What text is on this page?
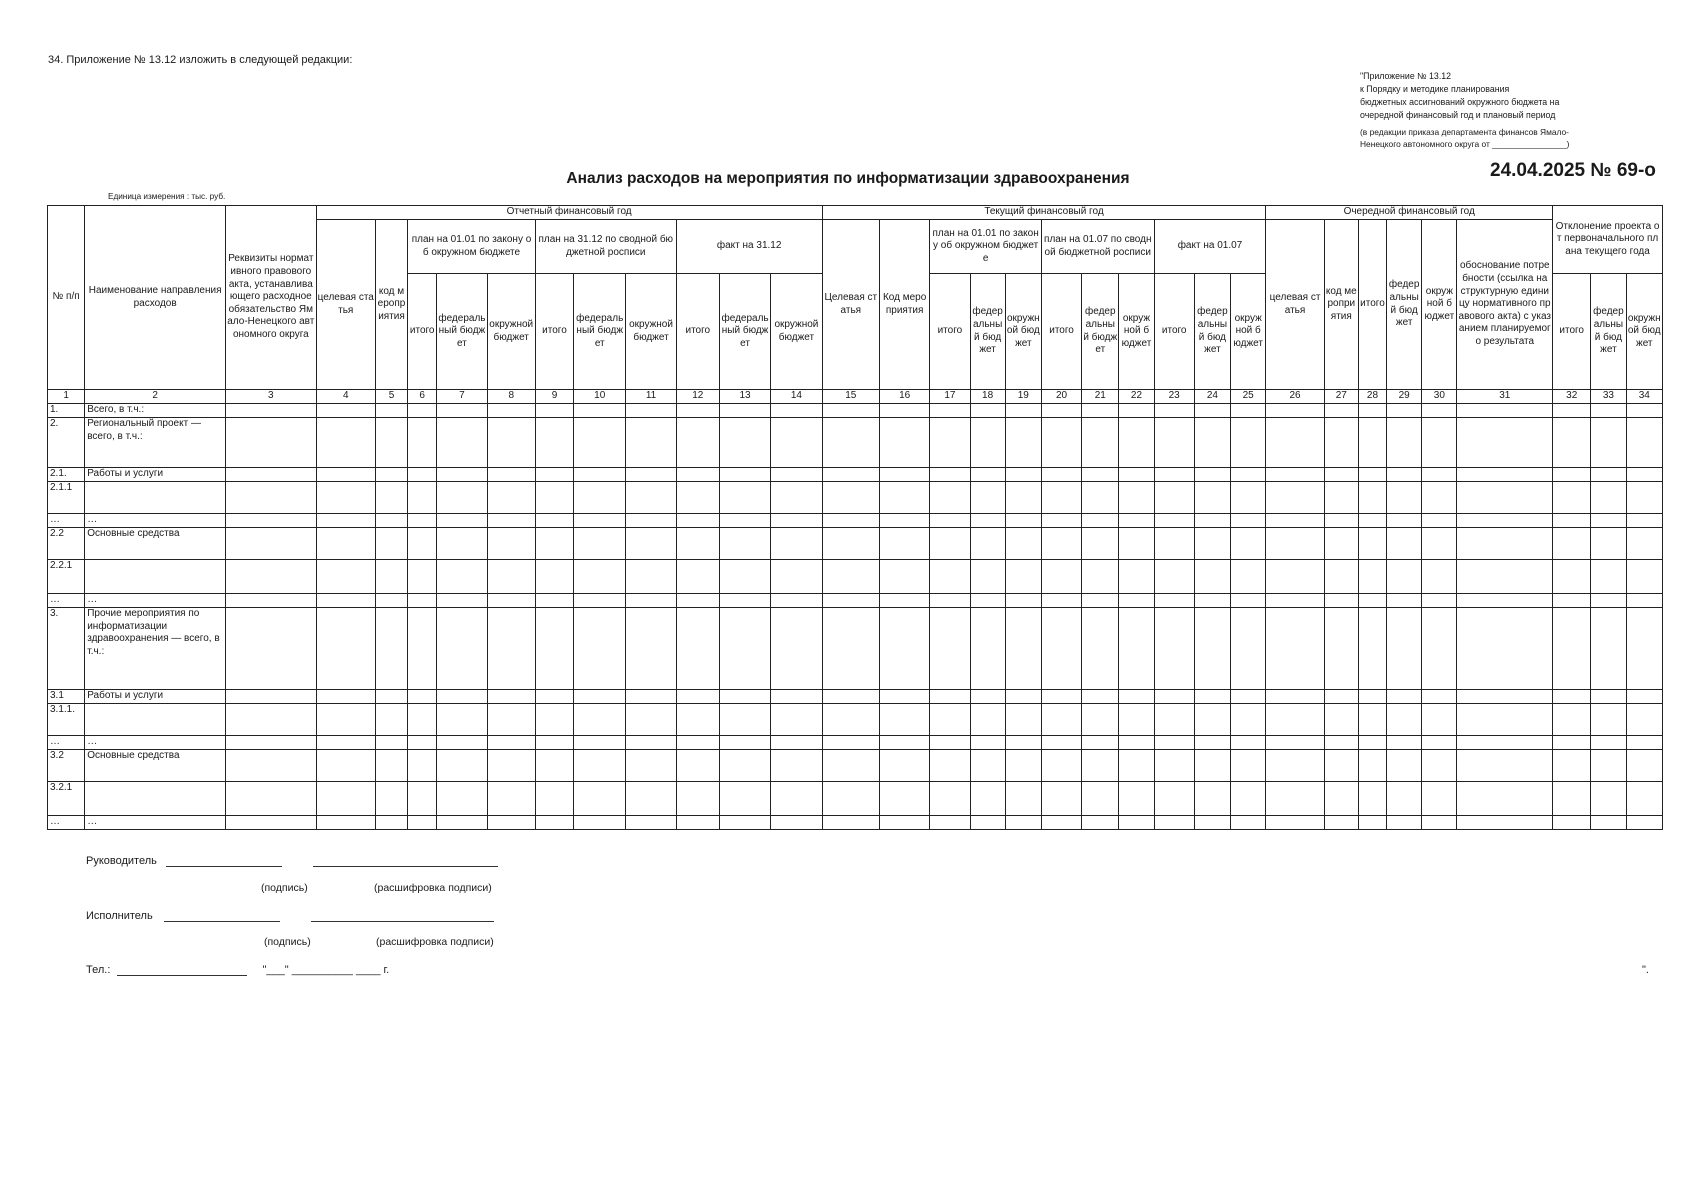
34. Приложение № 13.12 изложить в следующей редакции:
"Приложение № 13.12
к Порядку и методике планирования
бюджетных ассигнований окружного бюджета на
очередной финансовый год и плановый период
(в редакции приказа департамента финансов Ямало-
Ненецкого автономного округа от ________________)
24.04.2025 № 69-о
Анализ расходов на мероприятия по информатизации здравоохранения
Единица измерения : тыс. руб.
№ п/п	Наименование направления расходов	Реквизиты нормативного правового акта, устанавливающего расходное обязательство Ямало-Ненецкого автономного округа	Отчетный финансовый год											Текущий финансовый год											Очередной финансовый год						Отклонение проекта от первоначального плана текущего года		
			целевая статья	код мероприятия	план на 01.01 по закону об окружном бюджете			план на 31.12 по сводной бюджетной росписи			факт на 31.12			Целевая статья	Код мероприятия	план на 01.01 по закону об окружном бюджете			план на 01.07 по сводной бюджетной росписи			факт на 01.07			целевая статья	код мероприятия	итого	федеральный бюджет	окружной бюджет	обоснование потребности (ссылка на структурную единицу нормативного правового акта) с указанием планируемого результата			
					итого	федеральный бюджет	окружной бюджет	итого	федеральный бюджет	окружной бюджет	итого	федеральный бюджет	окружной бюджет			итого	федеральный бюджет	окружной бюджет	итого	федеральный бюджет	окружной бюджет	итого	федеральный бюджет	окружной бюджет							итого	федеральный бюджет	окружной бюджет
1	2	3	4	5	6	7	8	9	10	11	12	13	14	15	16	17	18	19	20	21	22	23	24	25	26	27	28	29	30	31	32	33	34
1.	Всего, в т.ч.:																																
2.	Региональный проект — всего, в т.ч.:																																
2.1.	Работы и услуги																																
2.1.1																																	
…	…																																
2.2	Основные средства																																
2.2.1																																	
…	…																																
3.	Прочие мероприятия по информатизации здравоохранения — всего, в т.ч.:																																
3.1	Работы и услуги																																
3.1.1.																																	
…	…																																
3.2	Основные средства																																
3.2.1																																	
…	…																																
Руководитель
(подпись)	(расшифровка подписи)
Исполнитель
(подпись)	(расшифровка подписи)
Тел.:	"___" __________ ____ г.	".
